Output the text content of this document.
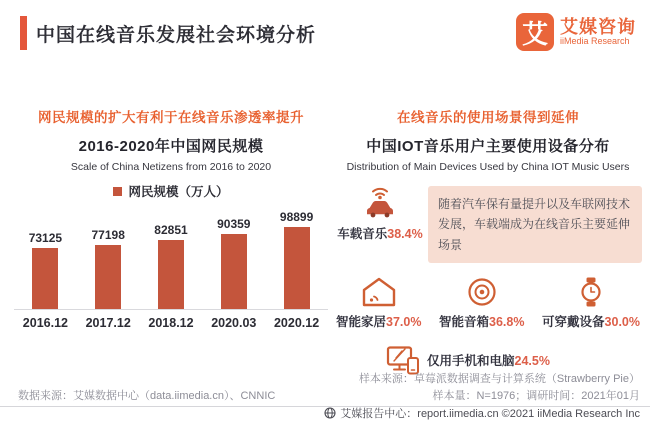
中国在线音乐发展社会环境分析	艾 艾媒咨询
iiMedia Research
网民规模的扩大有利于在线音乐渗透率提升
2016-2020年中国网民规模
Scale of China Netizens from 2016 to 2020
网民规模（万人）
73125 77198 82851 90359 98899
2016.12	2017.12	2018.12	2020.03	2020.12
在线音乐的使用场景得到延伸
中国IOT音乐用户主要使用设备分布
Distribution of Main Devices Used by China IOT Music Users
车载音乐38.4%
随着汽车保有量提升以及车联网技术发展，车载端成为在线音乐主要延伸场景
智能家居37.0% 智能音箱36.8% 可穿戴设备30.0%
仅用手机和电脑24.5%
样本来源：草莓派数据调查与计算系统（Strawberry Pie）
数据来源：艾媒数据中心（data.iimedia.cn）、CNNIC	样本量：N=1976；调研时间：2021年01月
艾媒报告中心：report.iimedia.cn ©2021 iiMedia Research Inc
